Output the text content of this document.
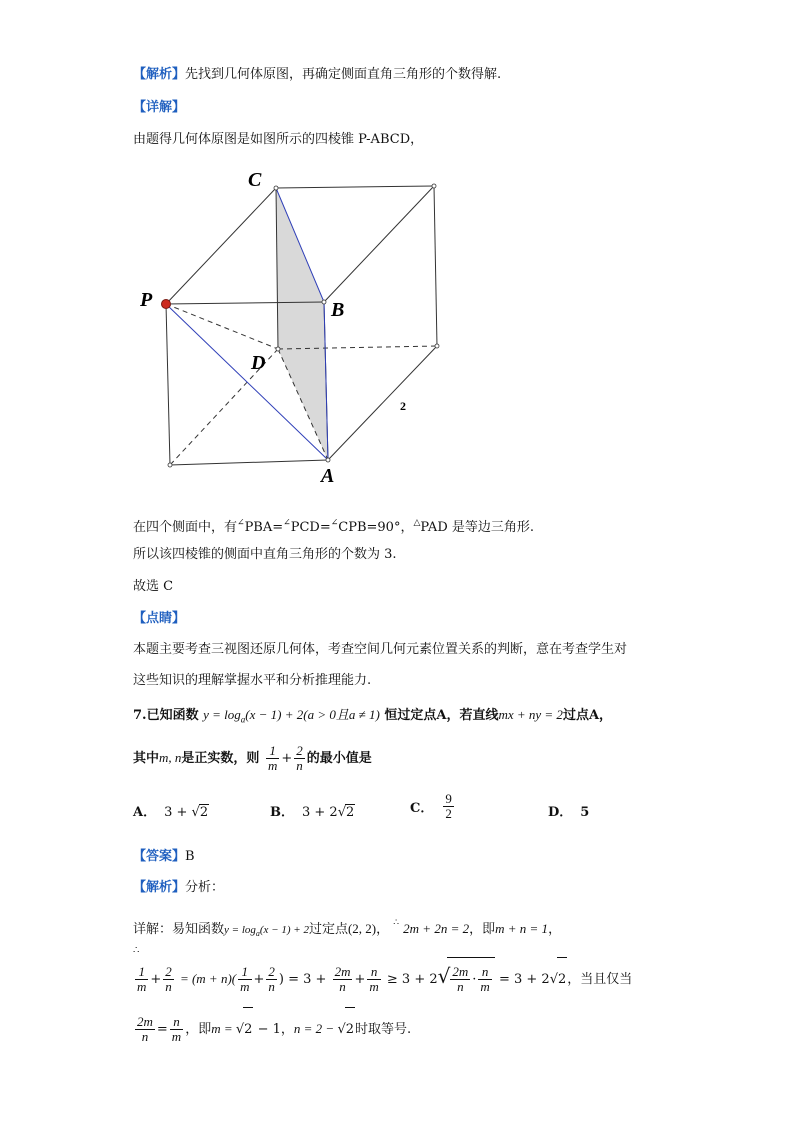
【解析】先找到几何体原图，再确定侧面直角三角形的个数得解.
【详解】
由题得几何体原图是如图所示的四棱锥 P-ABCD，
C
P	B
D
A
2
在四个侧面中，有∠PBA=∠PCD=∠CPB=90°，△PAD 是等边三角形.
所以该四棱锥的侧面中直角三角形的个数为 3.
故选 C
【点睛】
本题主要考查三视图还原几何体，考查空间几何元素位置关系的判断，意在考查学生对
这些知识的理解掌握水平和分析推理能力.
7.已知函数 $y = \log_a(x - 1) + 2(a > 0$且a ≠ 1) 恒过定点A，若直线mx + ny = 2过点A，
其中m, n是正实数，则 $\frac{1}{m} + \frac{2}{n}$ 的最小值是
A． 3 + √2	B． 3 + 2√2	C． $\frac{9}{2}$	D． 5
【答案】B
【解析】分析：
详解：易知函数$y = \log_a(x - 1) + 2$过定点(2, 2)， ∴ 2m + 2n = 2，即m + n = 1，
∴
$\frac{1}{m} + \frac{2}{n} = (m + n)( \frac{1}{m} + \frac{2}{n}$ ) = $3 + \frac{2m}{n} + \frac{n}{m} \ge 3 + 2√ \frac{2m}{n} \cdot \frac{n}{m} = 3 + 2√2$，当且仅当
$\frac{2m}{n} = \frac{n}{m}$ ，即m = √2 − 1，n = 2 − √2时取等号.
